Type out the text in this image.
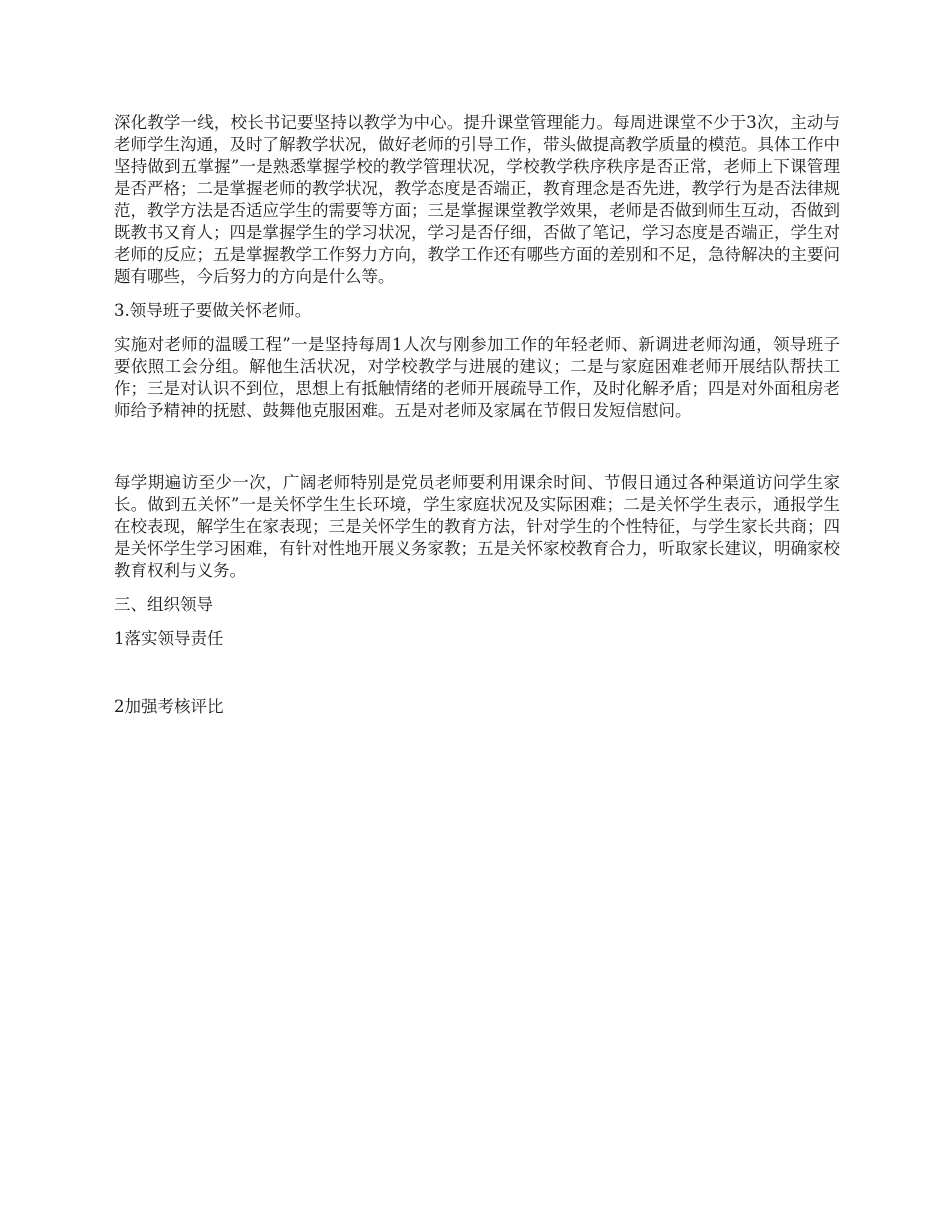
深化教学一线，校长书记要坚持以教学为中心。提升课堂管理能力。每周进课堂不少于3次，主动与老师学生沟通，及时了解教学状况，做好老师的引导工作，带头做提高教学质量的模范。具体工作中坚持做到五掌握”一是熟悉掌握学校的教学管理状况，学校教学秩序秩序是否正常，老师上下课管理是否严格；二是掌握老师的教学状况，教学态度是否端正，教育理念是否先进，教学行为是否法律规范，教学方法是否适应学生的需要等方面；三是掌握课堂教学效果，老师是否做到师生互动，否做到既教书又育人；四是掌握学生的学习状况，学习是否仔细，否做了笔记，学习态度是否端正，学生对老师的反应；五是掌握教学工作努力方向，教学工作还有哪些方面的差别和不足，急待解决的主要问题有哪些，今后努力的方向是什么等。

3.领导班子要做关怀老师。

实施对老师的温暖工程”一是坚持每周1人次与刚参加工作的年轻老师、新调进老师沟通，领导班子要依照工会分组。解他生活状况，对学校教学与进展的建议；二是与家庭困难老师开展结队帮扶工作；三是对认识不到位，思想上有抵触情绪的老师开展疏导工作，及时化解矛盾；四是对外面租房老师给予精神的抚慰、鼓舞他克服困难。五是对老师及家属在节假日发短信慰问。

每学期遍访至少一次，广阔老师特别是党员老师要利用课余时间、节假日通过各种渠道访问学生家长。做到五关怀”一是关怀学生生长环境，学生家庭状况及实际困难；二是关怀学生表示，通报学生在校表现，解学生在家表现；三是关怀学生的教育方法，针对学生的个性特征，与学生家长共商；四是关怀学生学习困难，有针对性地开展义务家教；五是关怀家校教育合力，听取家长建议，明确家校教育权利与义务。

三、组织领导

1落实领导责任

2加强考核评比
